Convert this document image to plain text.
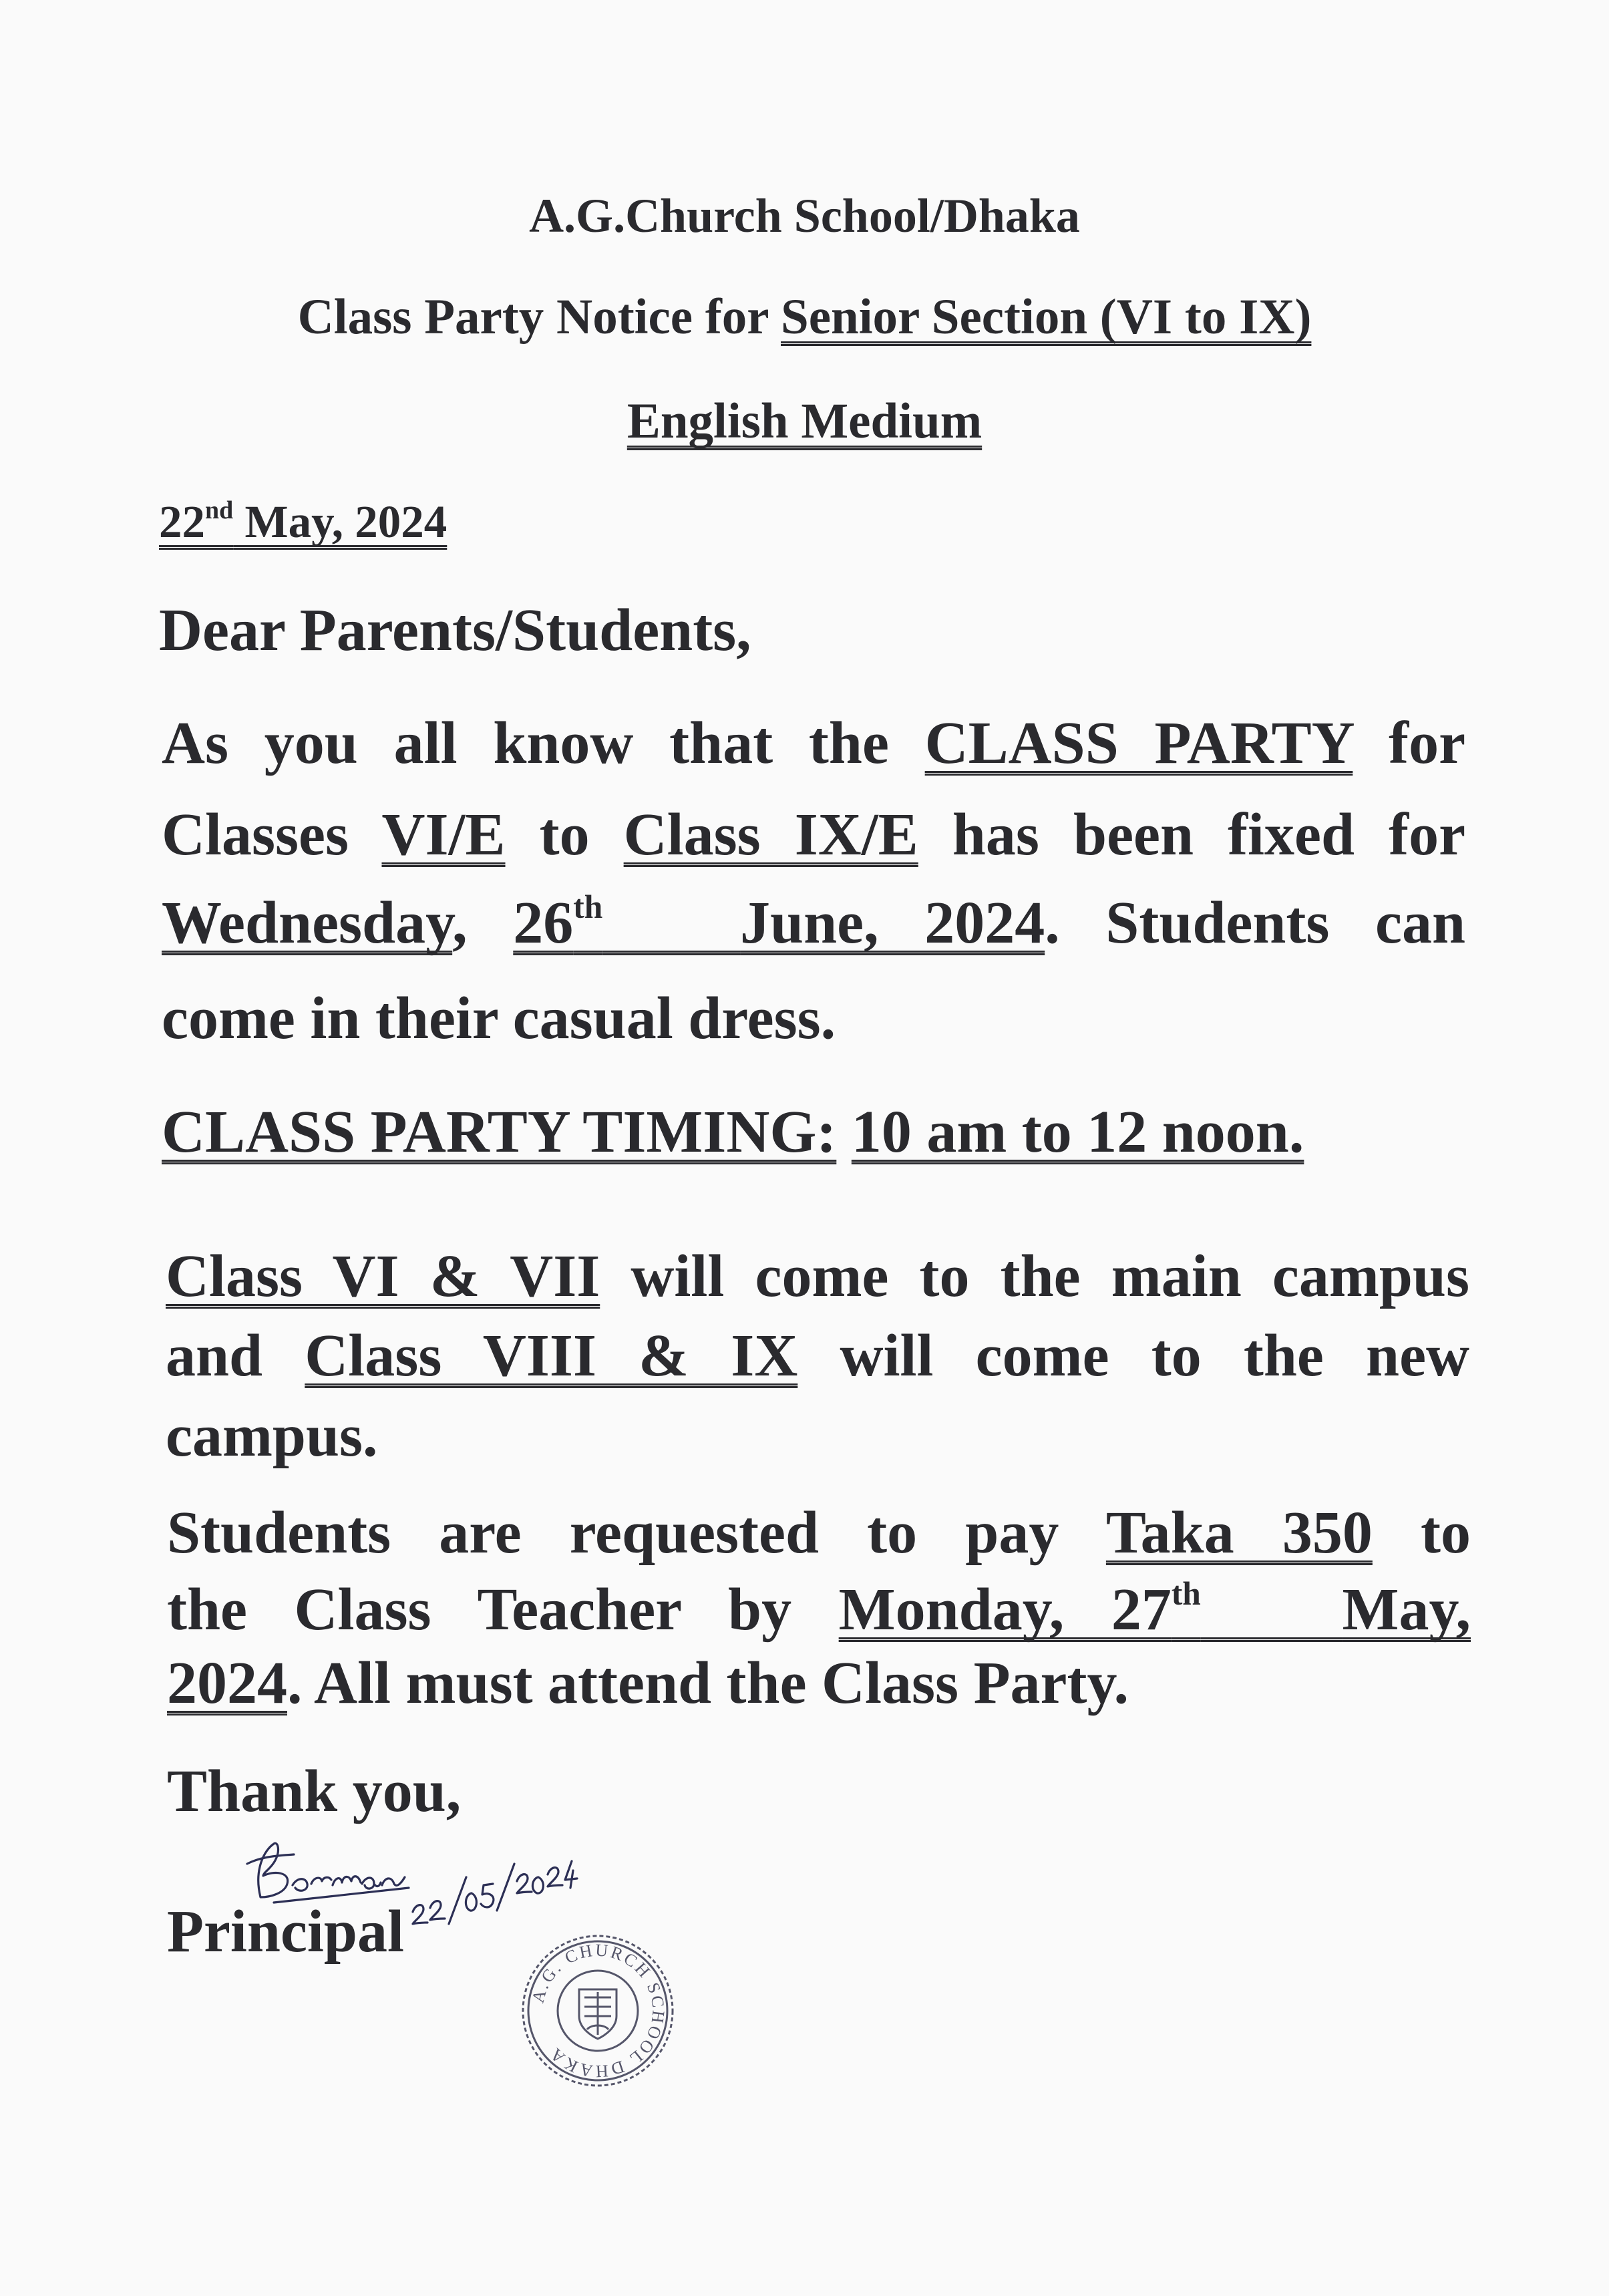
A.G.Church School/Dhaka
Class Party Notice for Senior Section (VI to IX)
English Medium
22nd May, 2024
Dear Parents/Students,
As you all know that the CLASS PARTY for
Classes VI/E to Class IX/E has been fixed for
Wednesday, 26th June, 2024. Students can
come in their casual dress.
CLASS PARTY TIMING: 10 am to 12 noon.
Class VI & VII will come to the main campus
and Class VIII & IX will come to the new
campus.
Students are requested to pay Taka 350 to
the Class Teacher by Monday, 27th May,
2024. All must attend the Class Party.
Thank you,
Principal
A.G. CHURCH SCHOOL DHAKA
